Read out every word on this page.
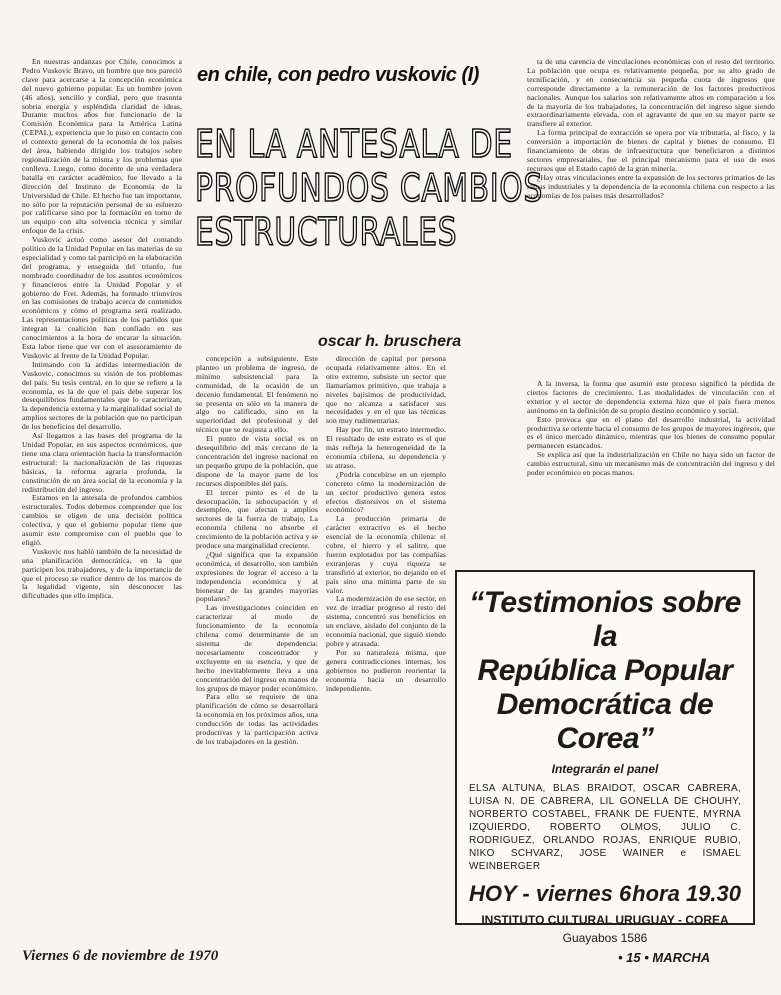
en chile, con pedro vuskovic (I)
EN LA ANTESALA DE
PROFUNDOS CAMBIOS
ESTRUCTURALES
oscar h. bruschera

En nuestras andanzas por Chile, conocimos a Pedro Vuskovic Bravo, un hombre que nos pareció clave para acercarse a la concepción económica del nuevo gobierno popular. Es un hombre joven (46 años), sencillo y cordial, pero que trasunta sobria energía y espléndida claridad de ideas. Durante muchos años fue funcionario de la Comisión Económica para la América Latina (CEPAL), experiencia que lo puso en contacto con el contexto general de la economía de los países del área, habiendo dirigido los trabajos sobre regionalización de la misma y los problemas que conlleva. Luego, como docente de una verdadera batalla en carácter académico, fue llevado a la dirección del Instituto de Economía de la Universidad de Chile. El hecho fue tan importante, no sólo por la reputación personal de su esfuerzo por calificarse sino por la formación en torno de un equipo con alta solvencia técnica y similar enfoque de la crisis.

Vuskovic actuó como asesor del comando político de la Unidad Popular en las materias de su especialidad y como tal participó en la elaboración del programa, y enseguida del triunfo, fue nombrado coordinador de los asuntos económicos y financieros entre la Unidad Popular y el gobierno de Frei. Además, ha formado triunviros en las comisiones de trabajo acerca de contenidos económicos y cómo el programa será realizado. Las representaciones políticas de los partidos que integran la coalición han confiado en sus conocimientos a la hora de encarar la situación. Esta labor tiene que ver con el asesoramiento de Vuskovic al frente de la Unidad Popular.

Intimando con la ardidas intermediación de Vuskovic, conocimos su visión de los problemas del país. Su tesis central, en lo que se refiere a la economía, es la de que el país debe superar los desequilibrios fundamentales que lo caracterizan, la dependencia externa y la marginalidad social de amplios sectores de la población que no participan de los beneficios del desarrollo.

Así llegamos a las bases del programa de la Unidad Popular, en sus aspectos económicos, que tiene una clara orientación hacia la transformación estructural: la nacionalización de las riquezas básicas, la reforma agraria profunda, la constitución de un área social de la economía y la redistribución del ingreso.

Estamos en la antesala de profundos cambios estructurales. Todos debemos comprender que los cambios se eligen de una decisión política colectiva, y que el gobierno popular tiene que asumir este compromiso con el pueblo que lo eligió.

Vuskovic nos habló también de la necesidad de una planificación democrática, en la que participen los trabajadores, y de la importancia de que el proceso se realice dentro de los marcos de la legalidad vigente, sin desconocer las dificultades que ello implica.

concepción a subsiguiente. Este planteo un problema de ingreso, de mínimo subsistencial para la comunidad, de la ocasión de un decenio fundamental. El fenómeno no se presenta en sólo en la manera de algo no calificado, sino en la superioridad del profesional y del técnico que se reajusta a ello.

El punto de vista social es un desequilibrio del más cercano de la concentración del ingreso nacional en un pequeño grupo de la población, que dispone de la mayor parte de los recursos disponibles del país.

El tercer punto es el de la desocupación, la subocupación y el desempleo, que afectan a amplios sectores de la fuerza de trabajo. La economía chilena no absorbe el crecimiento de la población activa y se produce una marginalidad creciente.

¿Qué significa que la expansión económica, el desarrollo, son también expresiones de lograr el acceso a la independencia económica y al bienestar de las grandes mayorías populares?

Las investigaciones coinciden en caracterizar al modo de funcionamiento de la economía chilena como determinante de un sistema de dependencia: necesariamente concentrador y excluyente en su esencia, y que de hecho inevitablemente lleva a una concentración del ingreso en manos de los grupos de mayor poder económico.

Para ello se requiere de una planificación de cómo se desarrollará la economía en los próximos años, una conducción de todas las actividades productivas y la participación activa de los trabajadores en la gestión.

dirección de capital por persona ocupada relativamente altos. En el otro extremo, subsiste un sector que llamaríamos primitivo, que trabaja a niveles bajísimos de productividad, que no alcanza a satisfacer sus necesidades y en el que las técnicas son muy rudimentarias.

Hay por fin, un estrato intermedio. El resultado de este estrato es el que más refleja la heterogeneidad de la economía chilena, su dependencia y su atraso.

¿Podría concebirse en un ejemplo concreto cómo la modernización de un sector productivo genera estos efectos distorsivos en el sistema económico?

La producción primaria de carácter extractivo es el hecho esencial de la economía chilena: el cobre, el hierro y el salitre, que fueron explotados por las compañías extranjeras y cuya riqueza se transfirió al exterior, no dejando en el país sino una mínima parte de su valor.

La modernización de ese sector, en vez de irradiar progreso al resto del sistema, concentró sus beneficios en un enclave, aislado del conjunto de la economía nacional, que siguió siendo pobre y atrasada.

Por su naturaleza misma, que genera contradicciones internas, los gobiernos no pudieron reorientar la economía hacia un desarrollo independiente.

ta de una carencia de vinculaciones económicas con el resto del territorio. La población que ocupa es relativamente pequeña, por su alto grado de tecnificación, y en consecuencia su pequeña cuota de ingresos que corresponde directamente a la remuneración de los factores productivos nacionales. Aunque los salarios son relativamente altos en comparación a los de la mayoría de los trabajadores, la concentración del ingreso sigue siendo extraordinariamente elevada, con el agravante de que en su mayor parte se transfiere al exterior.

La forma principal de extracción se opera por vía tributaria, al fisco, y la conversión a importación de bienes de capital y bienes de consumo. El financiamiento de obras de infraestructura que beneficiaron a distintos sectores empresariales, fue el principal mecanismo para el uso de esos recursos que el Estado captó de la gran minería.

¿Hay otras vinculaciones entre la expansión de los sectores primarios de las ramas industriales y la dependencia de la economía chilena con respecto a las economías de los países más desarrollados?

A la inversa, la forma que asumió este proceso significó la pérdida de ciertos factores de crecimiento. Las modalidades de vinculación con el exterior y el sector de dependencia externa hizo que el país fuera menos autónomo en la definición de su propio destino económico y social.

Esto provoca que en el plano del desarrollo industrial, la actividad productiva se oriente hacia el consumo de los grupos de mayores ingresos, que es el único mercado dinámico, mientras que los bienes de consumo popular permanecen estancados.

Se explica así que la industrialización en Chile no haya sido un factor de cambio estructural, sino un mecanismo más de concentración del ingreso y del poder económico en pocas manos.

“Testimonios sobre la
República Popular
Democrática de Corea”
Integrarán el panel
ELSA ALTUNA, BLAS BRAIDOT, OSCAR CABRERA, LUISA N. DE CABRERA, LIL GONELLA DE CHOUHY, NORBERTO COSTABEL, FRANK DE FUENTE, MYRNA IZQUIERDO, ROBERTO OLMOS, JULIO C. RODRIGUEZ, ORLANDO ROJAS, ENRIQUE RUBIO, NIKO SCHVARZ, JOSE WAINER e ISMAEL WEINBERGER
HOY - viernes 6 hora 19.30
INSTITUTO CULTURAL URUGUAY - COREA
Guayabos 1586
Viernes 6 de noviembre de 1970	• 15 • MARCHA
